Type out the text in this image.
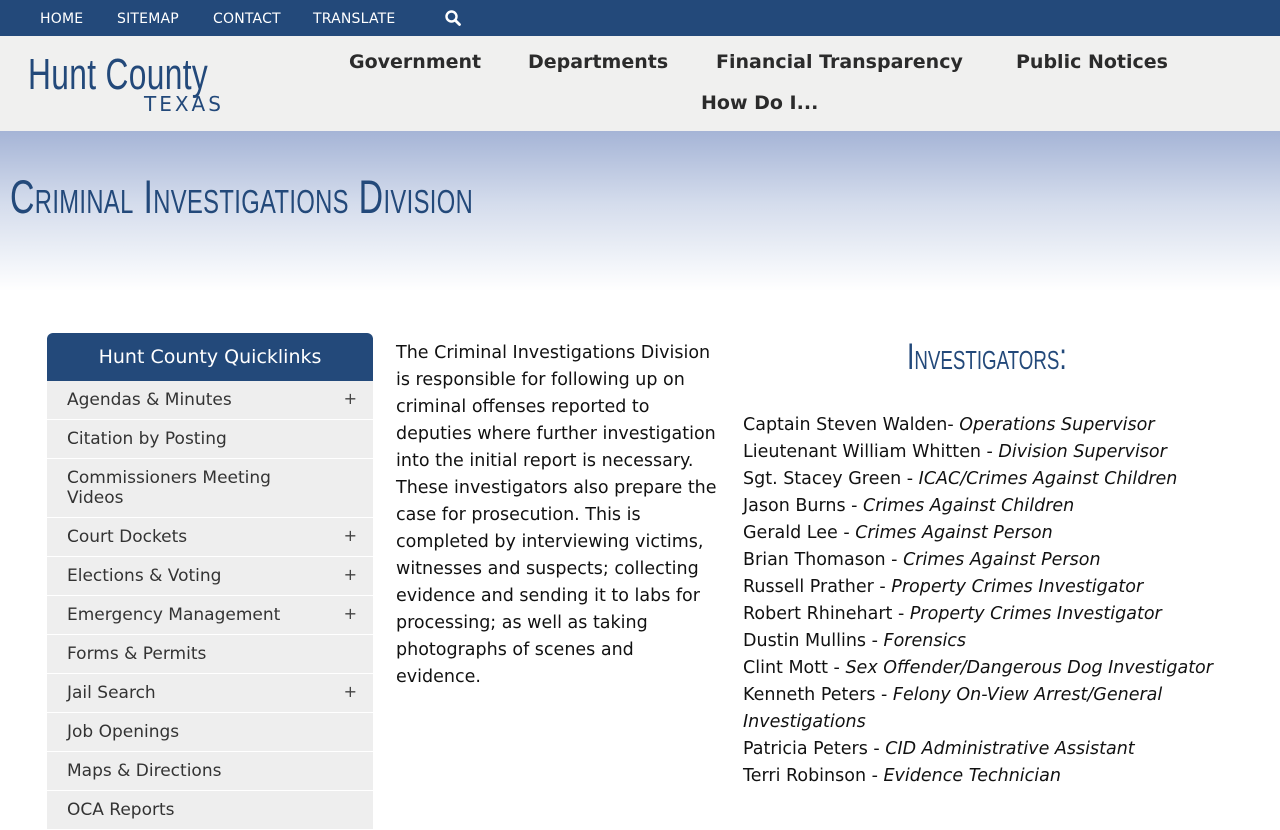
HOME SITEMAP CONTACT TRANSLATE
Hunt County
TEXAS
Government Departments	Financial Transparency	Public Notices
How Do I...
Criminal Investigations Division
Hunt County Quicklinks
Agendas & Minutes	+
Citation by Posting
Commissioners Meeting Videos
Court Dockets	+
Elections & Voting	+
Emergency Management	+
Forms & Permits
Jail Search	+
Job Openings
Maps & Directions
OCA Reports
The Criminal Investigations Division is responsible for following up on criminal offenses reported to deputies where further investigation into the initial report is necessary. These investigators also prepare the case for prosecution. This is completed by interviewing victims, witnesses and suspects; collecting evidence and sending it to labs for processing; as well as taking photographs of scenes and evidence.
Investigators:
Captain Steven Walden- Operations Supervisor
Lieutenant William Whitten - Division Supervisor
Sgt. Stacey Green - ICAC/Crimes Against Children
Jason Burns - Crimes Against Children
Gerald Lee - Crimes Against Person
Brian Thomason - Crimes Against Person
Russell Prather - Property Crimes Investigator
Robert Rhinehart - Property Crimes Investigator
Dustin Mullins - Forensics
Clint Mott - Sex Offender/Dangerous Dog Investigator
Kenneth Peters - Felony On-View Arrest/General Investigations
Patricia Peters - CID Administrative Assistant
Terri Robinson - Evidence Technician
